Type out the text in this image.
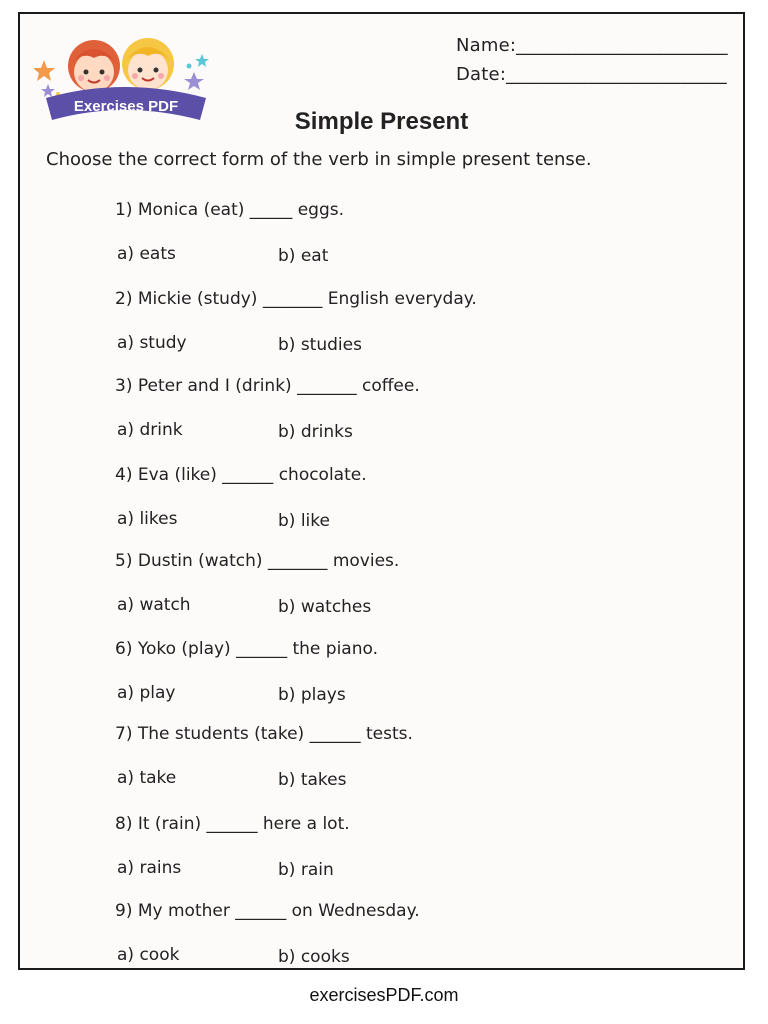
Exercises PDF
Name:_______________________
Date:________________________
Simple Present
Choose the correct form of the verb in simple present tense.
1) Monica (eat) _____ eggs.
a) eats	b) eat
2) Mickie (study) _______ English everyday.
a) study	b) studies
3) Peter and I (drink) _______ coffee.
a) drink	b) drinks
4) Eva (like) ______ chocolate.
a) likes	b) like
5) Dustin (watch) _______ movies.
a) watch	b) watches
6) Yoko (play) ______ the piano.
a) play	b) plays
7) The students (take) ______ tests.
a) take	b) takes
8) It (rain) ______ here a lot.
a) rains	b) rain
9) My mother ______ on Wednesday.
a) cook	b) cooks
exercisesPDF.com
